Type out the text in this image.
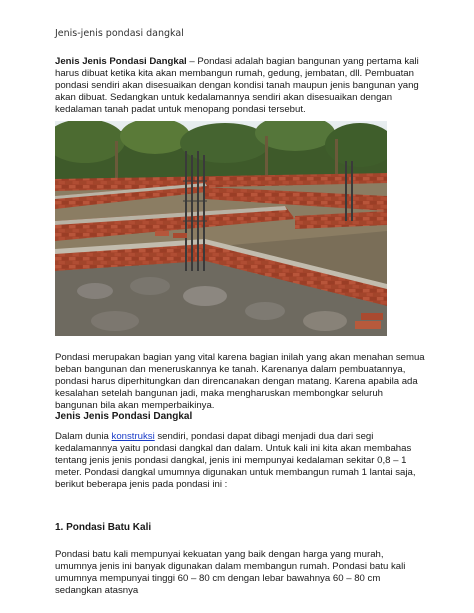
Jenis-jenis pondasi dangkal

Jenis Jenis Pondasi Dangkal – Pondasi adalah bagian bangunan yang pertama kali harus dibuat ketika kita akan membangun rumah, gedung, jembatan, dll. Pembuatan pondasi sendiri akan disesuaikan dengan kondisi tanah maupun jenis bangunan yang akan dibuat. Sedangkan untuk kedalamannya sendiri akan disesuaikan dengan kedalaman tanah padat untuk menopang pondasi tersebut.

Pondasi merupakan bagian yang vital karena bagian inilah yang akan menahan semua beban bangunan dan meneruskannya ke tanah. Karenanya dalam pembuatannya, pondasi harus diperhitungkan dan direncanakan dengan matang. Karena apabila ada kesalahan setelah bangunan jadi, maka mengharuskan membongkar seluruh bangunan bila akan memperbaikinya.

Jenis Jenis Pondasi Dangkal

Dalam dunia konstruksi sendiri, pondasi dapat dibagi menjadi dua dari segi kedalamannya yaitu pondasi dangkal dan dalam. Untuk kali ini kita akan membahas tentang jenis jenis pondasi dangkal, jenis ini mempunyai kedalaman sekitar 0,8 – 1 meter. Pondasi dangkal umumnya digunakan untuk membangun rumah 1 lantai saja, berikut beberapa jenis pada pondasi ini :

1. Pondasi Batu Kali

Pondasi batu kali mempunyai kekuatan yang baik dengan harga yang murah, umumnya jenis ini banyak digunakan dalam membangun rumah. Pondasi batu kali umumnya mempunyai tinggi 60 – 80 cm dengan lebar bawahnya 60 – 80 cm sedangkan atasnya
